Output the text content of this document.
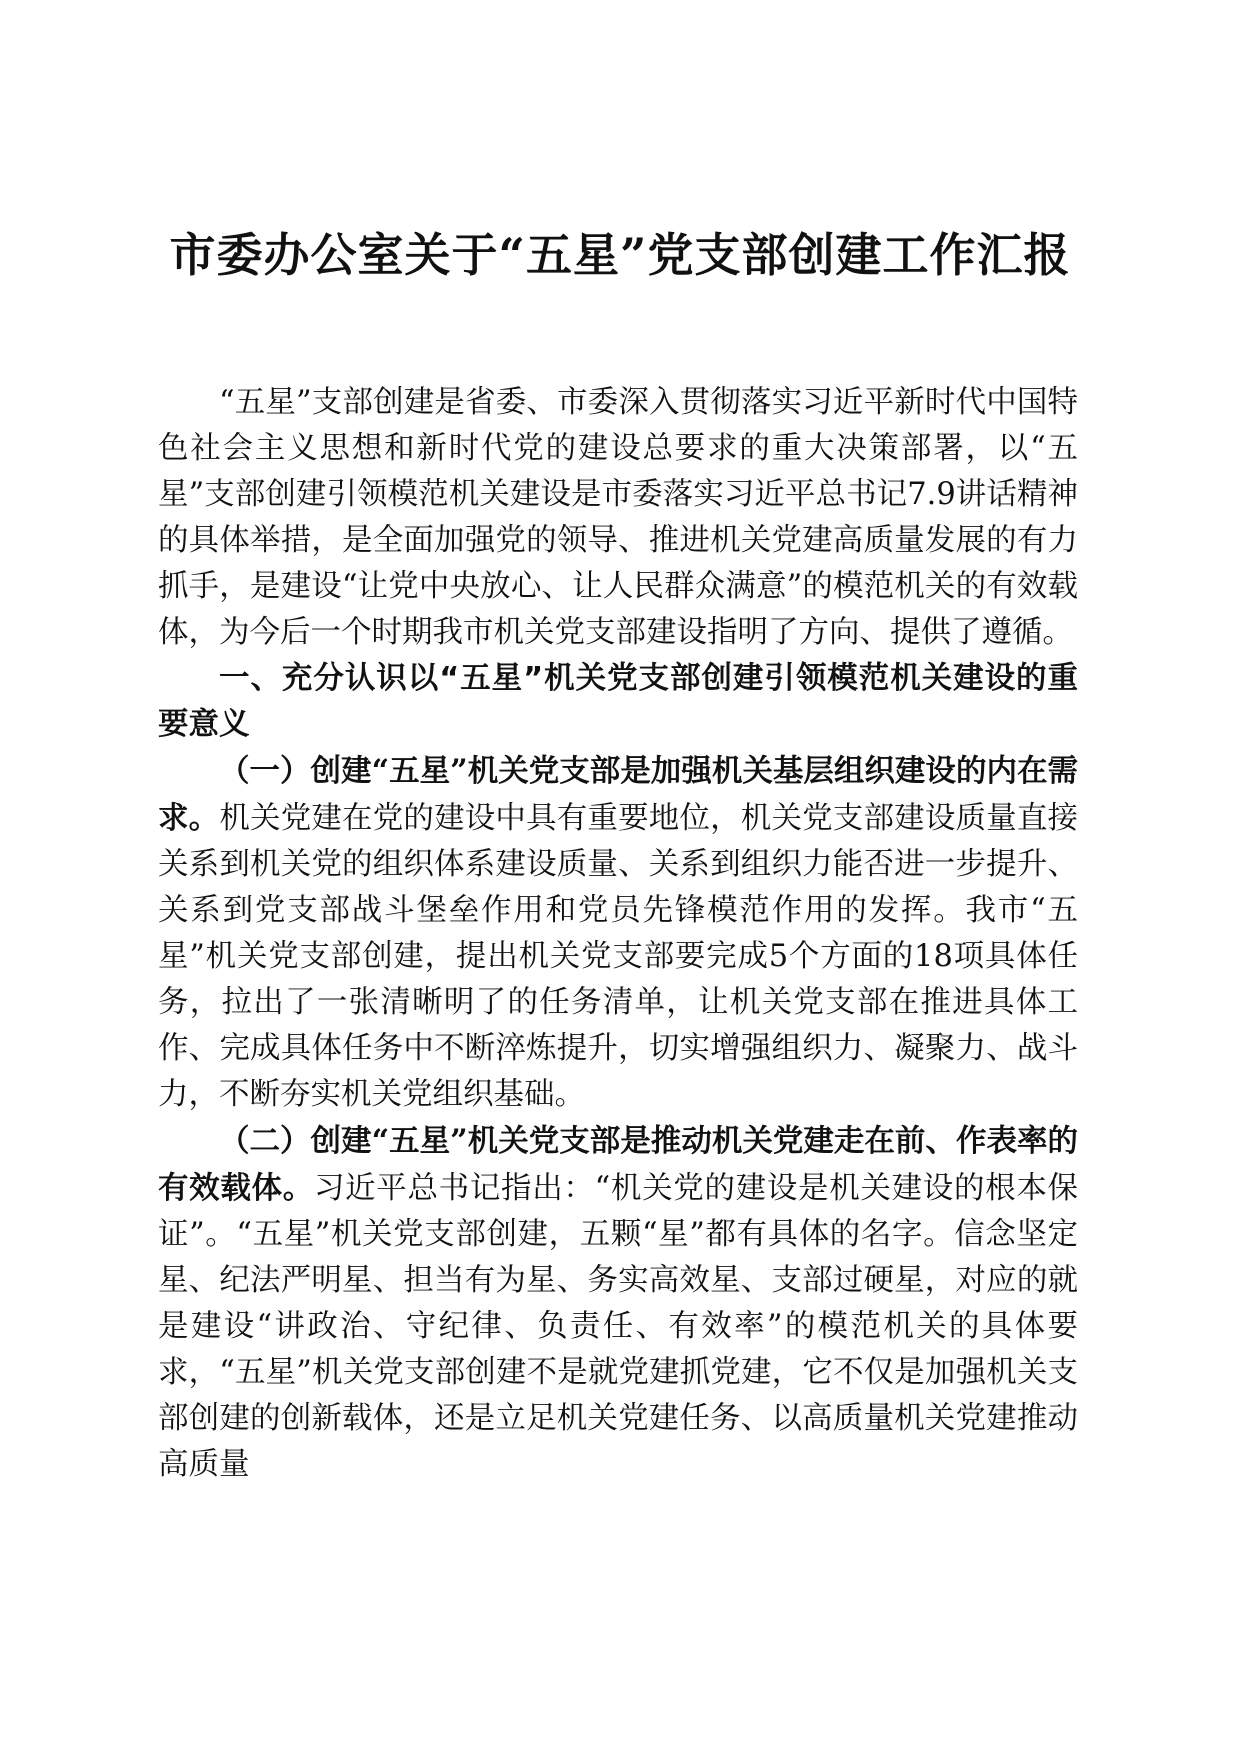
市委办公室关于“五星”党支部创建工作汇报

“五星”支部创建是省委、市委深入贯彻落实习近平新时代中国特色社会主义思想和新时代党的建设总要求的重大决策部署，以“五星”支部创建引领模范机关建设是市委落实习近平总书记7.9讲话精神的具体举措，是全面加强党的领导、推进机关党建高质量发展的有力抓手，是建设“让党中央放心、让人民群众满意”的模范机关的有效载体，为今后一个时期我市机关党支部建设指明了方向、提供了遵循。

一、充分认识以“五星”机关党支部创建引领模范机关建设的重要意义

（一）创建“五星”机关党支部是加强机关基层组织建设的内在需求。机关党建在党的建设中具有重要地位，机关党支部建设质量直接关系到机关党的组织体系建设质量、关系到组织力能否进一步提升、关系到党支部战斗堡垒作用和党员先锋模范作用的发挥。我市“五星”机关党支部创建，提出机关党支部要完成5个方面的18项具体任务，拉出了一张清晰明了的任务清单，让机关党支部在推进具体工作、完成具体任务中不断淬炼提升，切实增强组织力、凝聚力、战斗力，不断夯实机关党组织基础。

（二）创建“五星”机关党支部是推动机关党建走在前、作表率的有效载体。习近平总书记指出：“机关党的建设是机关建设的根本保证”。“五星”机关党支部创建，五颗“星”都有具体的名字。信念坚定星、纪法严明星、担当有为星、务实高效星、支部过硬星，对应的就是建设“讲政治、守纪律、负责任、有效率”的模范机关的具体要求，“五星”机关党支部创建不是就党建抓党建，它不仅是加强机关支部创建的创新载体，还是立足机关党建任务、以高质量机关党建推动高质量
